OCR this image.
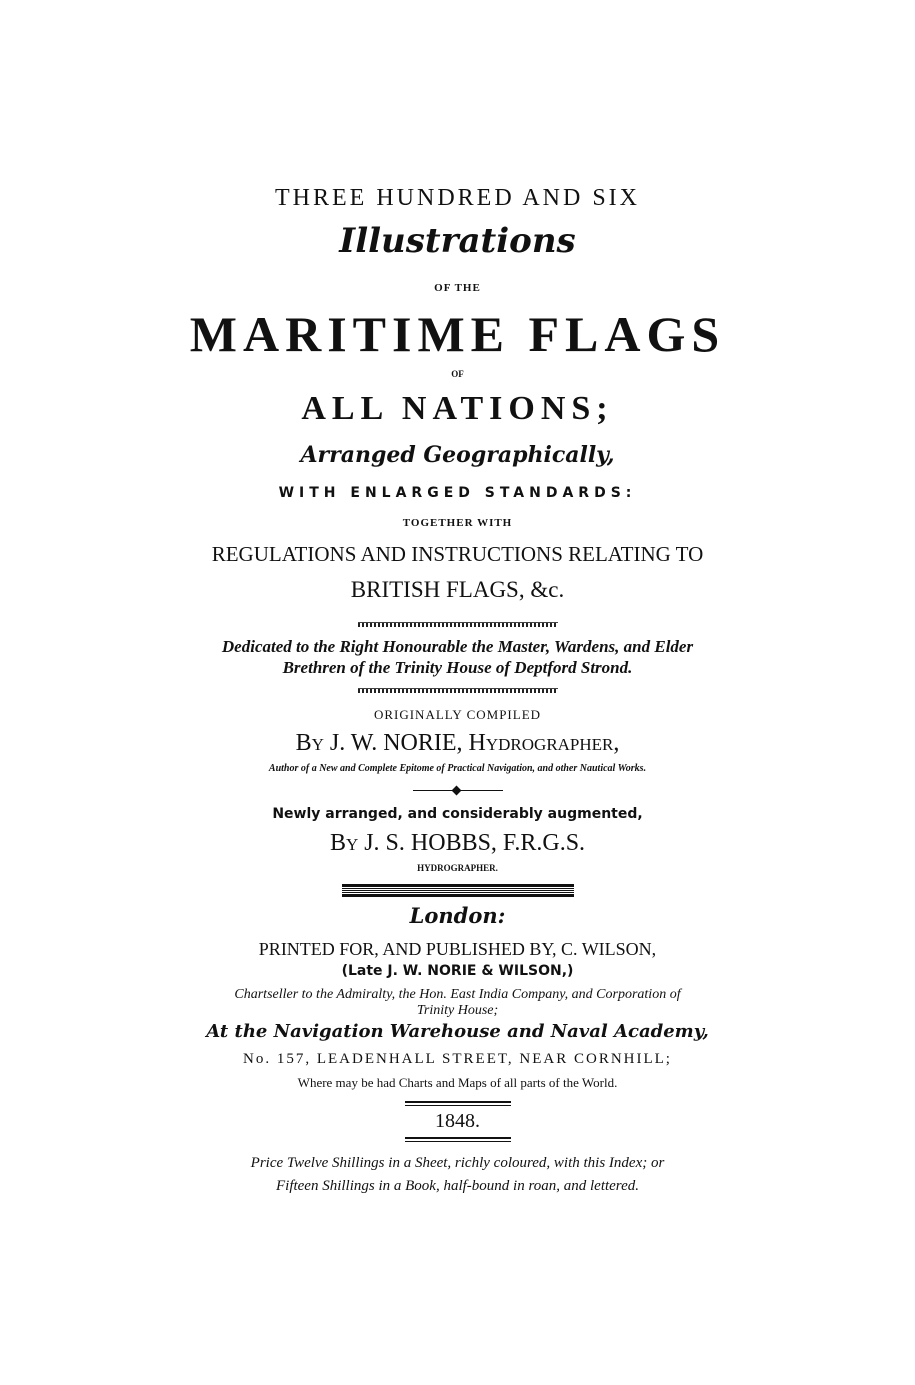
THREE HUNDRED AND SIX
Illustrations
OF THE
MARITIME FLAGS
OF
ALL NATIONS;
Arranged Geographically,
WITH ENLARGED STANDARDS:
TOGETHER WITH
REGULATIONS AND INSTRUCTIONS RELATING TO
BRITISH FLAGS, &c.
Dedicated to the Right Honourable the Master, Wardens, and Elder
Brethren of the Trinity House of Deptford Strond.
ORIGINALLY COMPILED
By J. W. NORIE, Hydrographer,
Author of a New and Complete Epitome of Practical Navigation, and other Nautical Works.
Newly arranged, and considerably augmented,
By J. S. HOBBS, F.R.G.S.
HYDROGRAPHER.
London:
PRINTED FOR, AND PUBLISHED BY, C. WILSON,
(Late J. W. NORIE & WILSON,)
Chartseller to the Admiralty, the Hon. East India Company, and Corporation of
Trinity House;
At the Navigation Warehouse and Naval Academy,
No. 157, LEADENHALL STREET, NEAR CORNHILL;
Where may be had Charts and Maps of all parts of the World.
1848.
Price Twelve Shillings in a Sheet, richly coloured, with this Index; or
Fifteen Shillings in a Book, half-bound in roan, and lettered.
